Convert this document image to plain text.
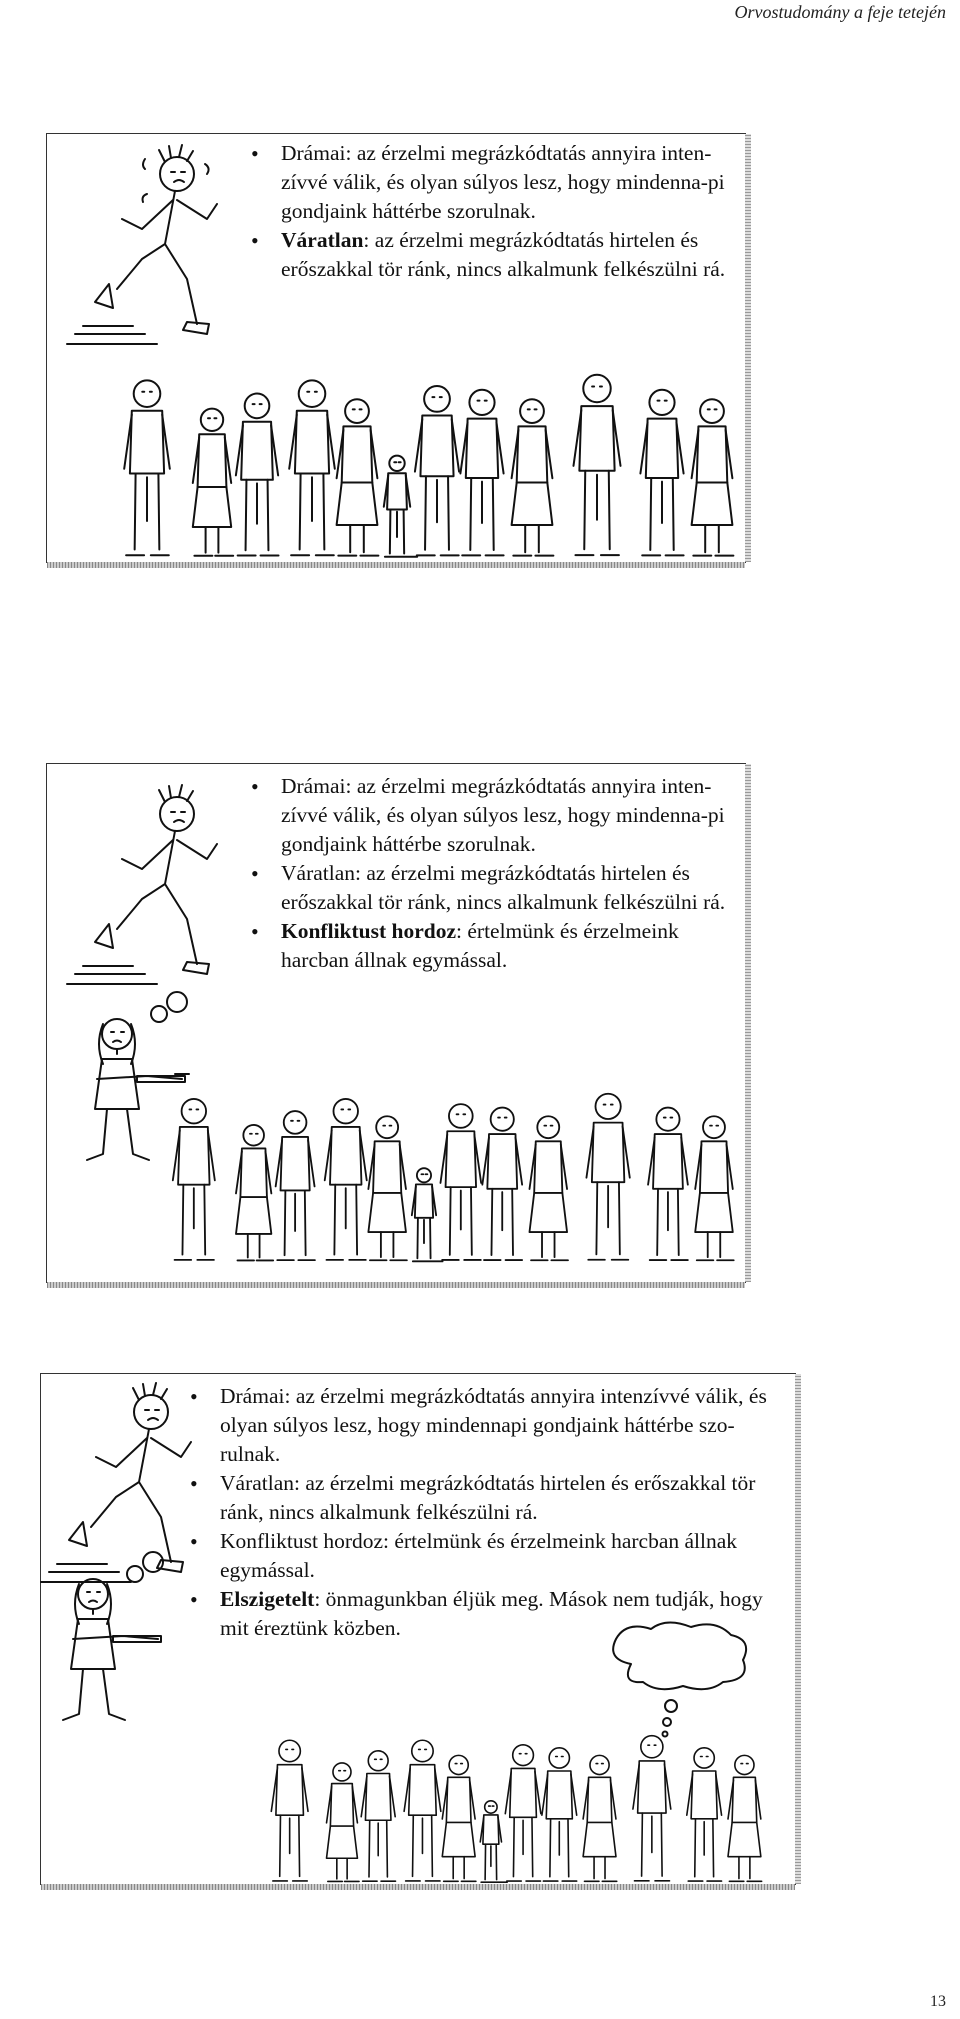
Orvostudomány a feje tetején
• Drámai: az érzelmi megrázkódtatás annyira inten-zívvé válik, és olyan súlyos lesz, hogy mindenna-pi gondjaink háttérbe szorulnak.
• Váratlan: az érzelmi megrázkódtatás hirtelen és erőszakkal tör ránk, nincs alkalmunk felkészülni rá.
• Drámai: az érzelmi megrázkódtatás annyira inten-zívvé válik, és olyan súlyos lesz, hogy mindenna-pi gondjaink háttérbe szorulnak.
• Váratlan: az érzelmi megrázkódtatás hirtelen és erőszakkal tör ránk, nincs alkalmunk felkészülni rá.
• Konfliktust hordoz: értelmünk és érzelmeink harcban állnak egymással.
• Drámai: az érzelmi megrázkódtatás annyira intenzívvé válik, és olyan súlyos lesz, hogy mindennapi gondjaink háttérbe szo-rulnak.
• Váratlan: az érzelmi megrázkódtatás hirtelen és erőszakkal tör ránk, nincs alkalmunk felkészülni rá.
• Konfliktust hordoz: értelmünk és érzelmeink harcban állnak egymással.
• Elszigetelt: önmagunkban éljük meg. Mások nem tudják, hogy mit éreztünk közben.
13
